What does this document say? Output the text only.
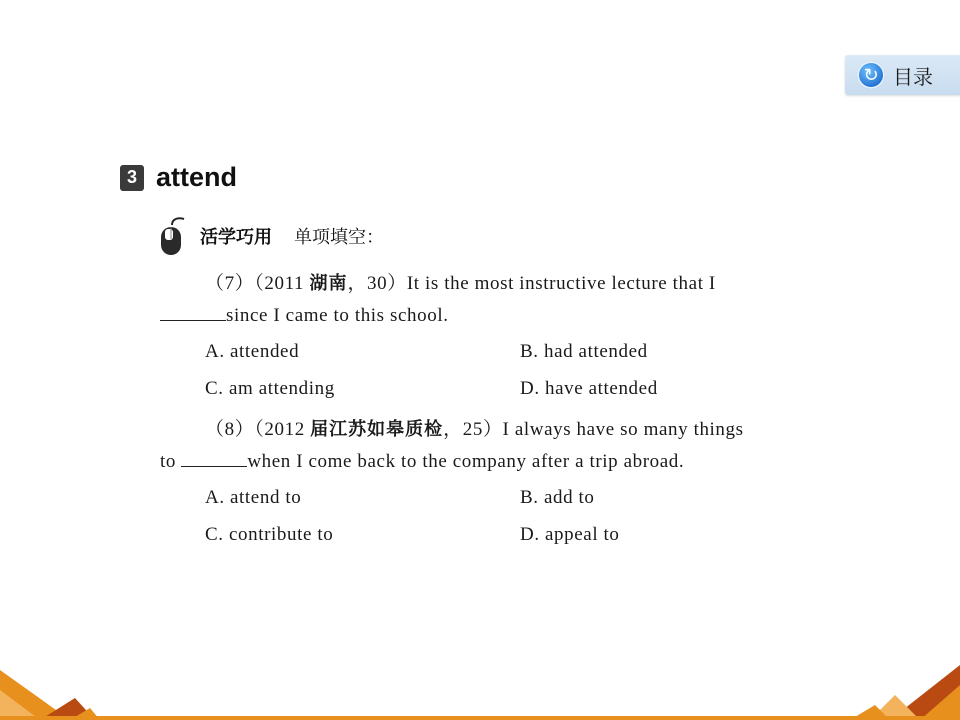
↻ 目录
3 attend
活学巧用 单项填空：
（7）（2011 湖南，30）It is the most instructive lecture that I
since I came to this school.
A. attended	B. had attended
C. am attending	D. have attended
（8）（2012 届江苏如皋质检，25）I always have so many things
to	when I come back to the company after a trip abroad.
A. attend to	B. add to
C. contribute to	D. appeal to
